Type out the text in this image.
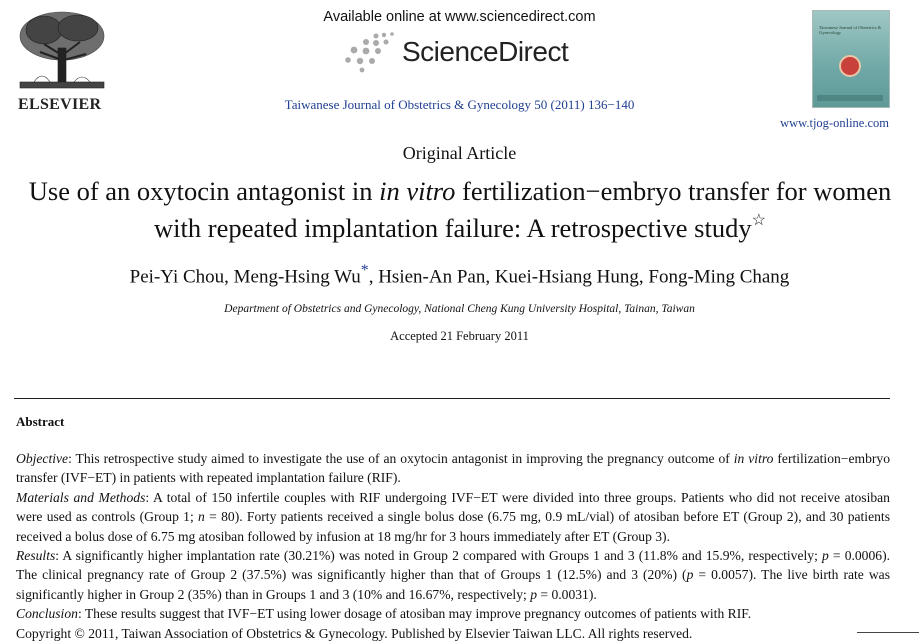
ELSEVIER
Available online at www.sciencedirect.com
ScienceDirect
Taiwanese Journal of Obstetrics & Gynecology 50 (2011) 136−140
Taiwanese Journal of Obstetrics & Gynecology
www.tjog-online.com
Original Article
Use of an oxytocin antagonist in in vitro fertilization−embryo transfer for women with repeated implantation failure: A retrospective study☆
Pei-Yi Chou, Meng-Hsing Wu*, Hsien-An Pan, Kuei-Hsiang Hung, Fong-Ming Chang
Department of Obstetrics and Gynecology, National Cheng Kung University Hospital, Tainan, Taiwan
Accepted 21 February 2011
Abstract

Objective: This retrospective study aimed to investigate the use of an oxytocin antagonist in improving the pregnancy outcome of in vitro fertilization−embryo transfer (IVF−ET) in patients with repeated implantation failure (RIF).

Materials and Methods: A total of 150 infertile couples with RIF undergoing IVF−ET were divided into three groups. Patients who did not receive atosiban were used as controls (Group 1; n = 80). Forty patients received a single bolus dose (6.75 mg, 0.9 mL/vial) of atosiban before ET (Group 2), and 30 patients received a bolus dose of 6.75 mg atosiban followed by infusion at 18 mg/hr for 3 hours immediately after ET (Group 3).

Results: A significantly higher implantation rate (30.21%) was noted in Group 2 compared with Groups 1 and 3 (11.8% and 15.9%, respectively; p = 0.0006). The clinical pregnancy rate of Group 2 (37.5%) was significantly higher than that of Groups 1 (12.5%) and 3 (20%) (p = 0.0057). The live birth rate was significantly higher in Group 2 (35%) than in Groups 1 and 3 (10% and 16.67%, respectively; p = 0.0031).

Conclusion: These results suggest that IVF−ET using lower dosage of atosiban may improve pregnancy outcomes of patients with RIF.

Copyright © 2011, Taiwan Association of Obstetrics & Gynecology. Published by Elsevier Taiwan LLC. All rights reserved.
